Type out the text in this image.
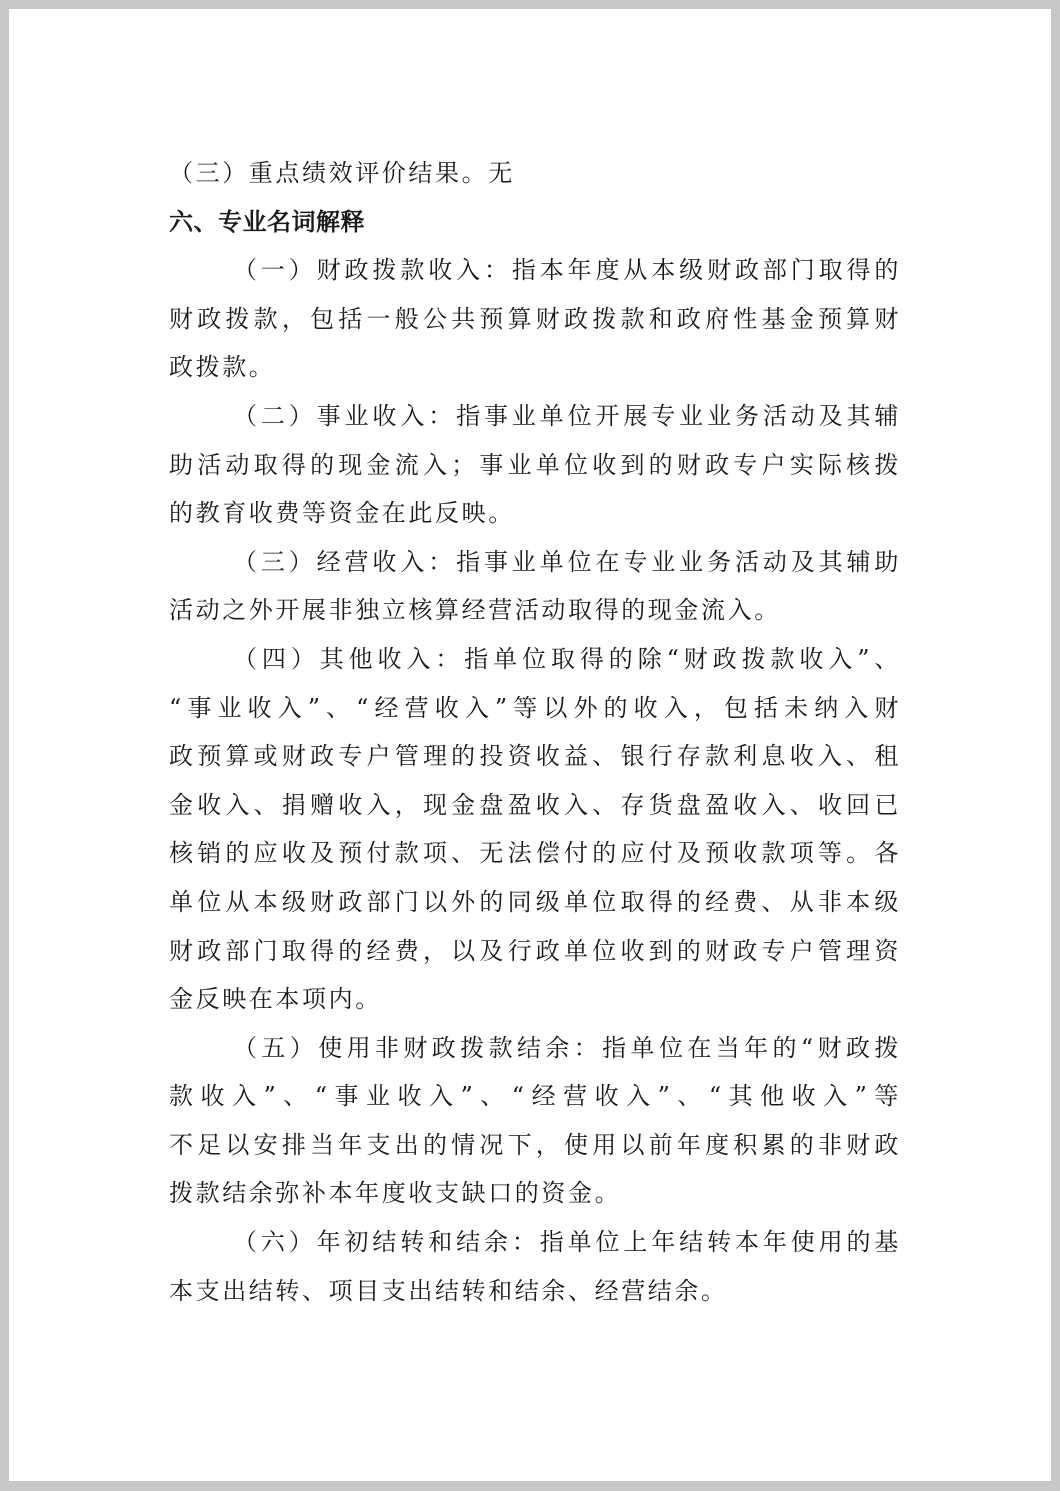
（三）重点绩效评价结果。无
六、专业名词解释
（一）财政拨款收入：指本年度从本级财政部门取得的
财政拨款，包括一般公共预算财政拨款和政府性基金预算财
政拨款。
（二）事业收入：指事业单位开展专业业务活动及其辅
助活动取得的现金流入；事业单位收到的财政专户实际核拨
的教育收费等资金在此反映。
（三）经营收入：指事业单位在专业业务活动及其辅助
活动之外开展非独立核算经营活动取得的现金流入。
（四）其他收入：指单位取得的除“财政拨款收入”、
“事业收入”、“经营收入”等以外的收入，包括未纳入财
政预算或财政专户管理的投资收益、银行存款利息收入、租
金收入、捐赠收入，现金盘盈收入、存货盘盈收入、收回已
核销的应收及预付款项、无法偿付的应付及预收款项等。各
单位从本级财政部门以外的同级单位取得的经费、从非本级
财政部门取得的经费，以及行政单位收到的财政专户管理资
金反映在本项内。
（五）使用非财政拨款结余：指单位在当年的“财政拨
款收入”、“事业收入”、“经营收入”、“其他收入”等
不足以安排当年支出的情况下，使用以前年度积累的非财政
拨款结余弥补本年度收支缺口的资金。
（六）年初结转和结余：指单位上年结转本年使用的基
本支出结转、项目支出结转和结余、经营结余。
